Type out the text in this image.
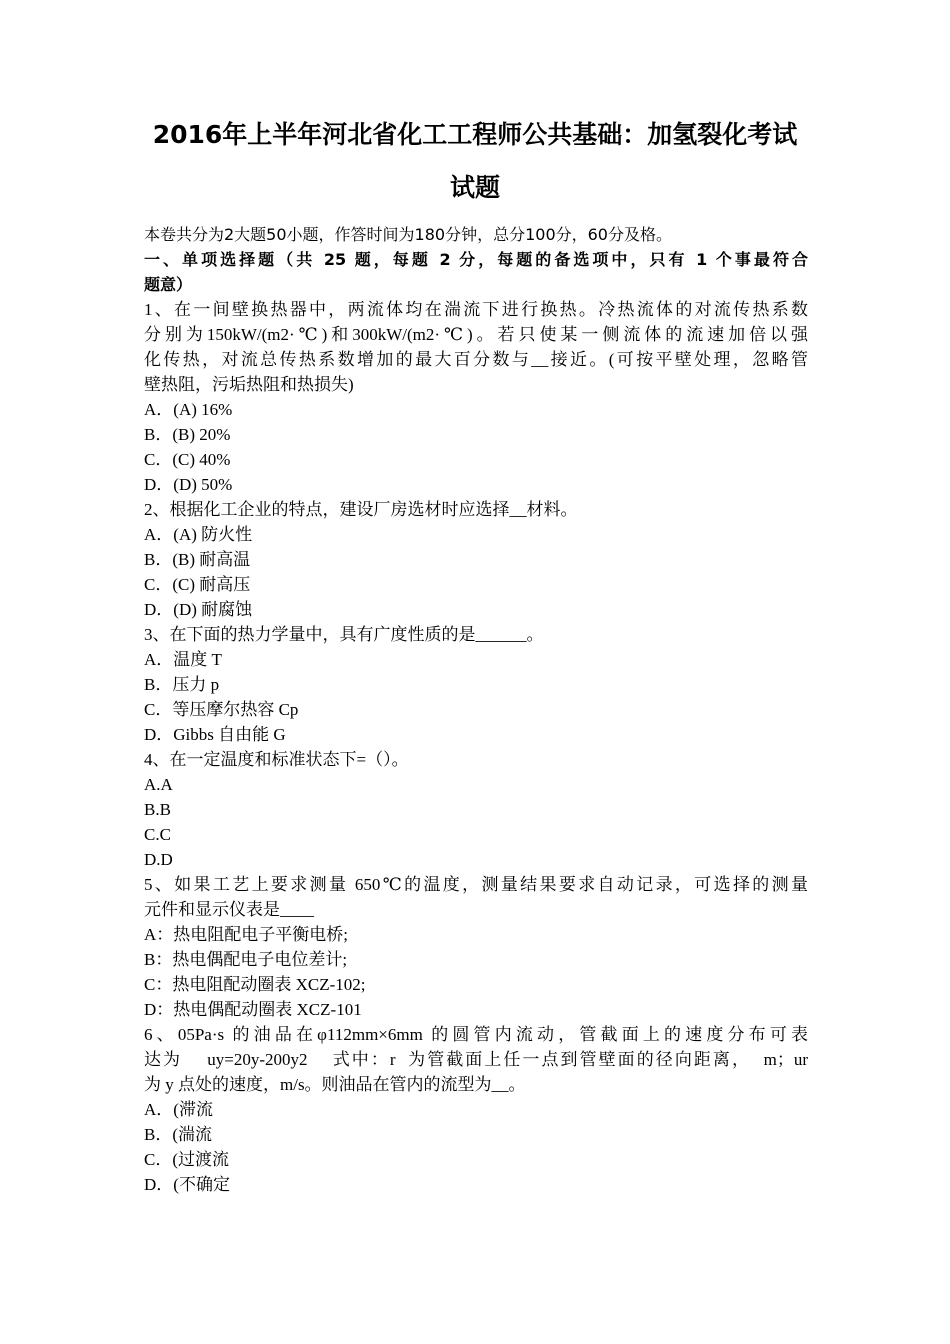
2016年上半年河北省化工工程师公共基础：加氢裂化考试
试题

本卷共分为2大题50小题，作答时间为180分钟，总分100分，60分及格。

一、单项选择题（共 25 题，每题 2 分，每题的备选项中，只有 1 个事最符合

题意）

1、在一间壁换热器中，两流体均在湍流下进行换热。冷热流体的对流传热系数

分别为150kW/(m2·℃)和300kW/(m2·℃)。若只使某一侧流体的流速加倍以强

化传热，对流总传热系数增加的最大百分数与__接近。(可按平壁处理，忽略管

壁热阻，污垢热阻和热损失)

A．(A) 16%

B．(B) 20%

C．(C) 40%

D．(D) 50%

2、根据化工企业的特点，建设厂房选材时应选择__材料。

A．(A) 防火性

B．(B) 耐高温

C．(C) 耐高压

D．(D) 耐腐蚀

3、在下面的热力学量中，具有广度性质的是______。

A．温度 T

B．压力 p

C．等压摩尔热容 Cp

D．Gibbs 自由能 G

4、在一定温度和标准状态下=（）。

A.A

B.B

C.C

D.D

5、如果工艺上要求测量 650℃的温度，测量结果要求自动记录，可选择的测量

元件和显示仪表是____

A：热电阻配电子平衡电桥;

B：热电偶配电子电位差计;

C：热电阻配动圈表 XCZ-102;

D：热电偶配动圈表 XCZ-101

6、05Pa·s 的油品在φ112mm×6mm 的圆管内流动，管截面上的速度分布可表

达为    uy=20y-200y2    式中：r  为管截面上任一点到管壁面的径向距离，  m；ur

为 y 点处的速度，m/s。则油品在管内的流型为__。

A．(滞流

B．(湍流

C．(过渡流

D．(不确定
